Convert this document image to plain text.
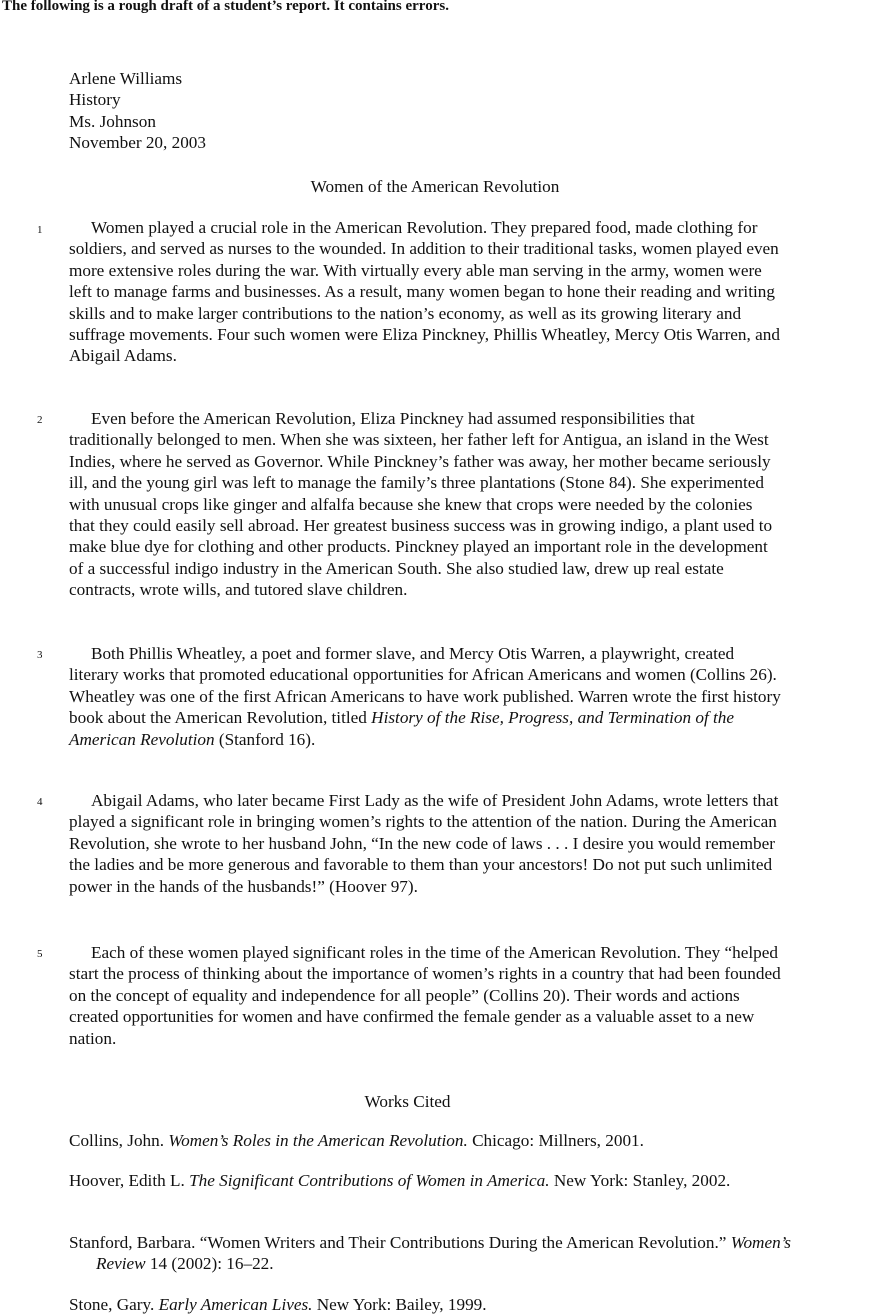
The following is a rough draft of a student’s report. It contains errors.

Arlene Williams
History
Ms. Johnson
November 20, 2003
Women of the American Revolution
1	Women played a crucial role in the American Revolution. They prepared food, made clothing for soldiers, and served as nurses to the wounded. In addition to their traditional tasks, women played even more extensive roles during the war. With virtually every able man serving in the army, women were left to manage farms and businesses. As a result, many women began to hone their reading and writing skills and to make larger contributions to the nation’s economy, as well as its growing literary and suffrage movements. Four such women were Eliza Pinckney, Phillis Wheatley, Mercy Otis Warren, and Abigail Adams.

2	Even before the American Revolution, Eliza Pinckney had assumed responsibilities that traditionally belonged to men. When she was sixteen, her father left for Antigua, an island in the West Indies, where he served as Governor. While Pinckney’s father was away, her mother became seriously ill, and the young girl was left to manage the family’s three plantations (Stone 84). She experimented with unusual crops like ginger and alfalfa because she knew that crops were needed by the colonies that they could easily sell abroad. Her greatest business success was in growing indigo, a plant used to make blue dye for clothing and other products. Pinckney played an important role in the development of a successful indigo industry in the American South. She also studied law, drew up real estate contracts, wrote wills, and tutored slave children.

3	Both Phillis Wheatley, a poet and former slave, and Mercy Otis Warren, a playwright, created literary works that promoted educational opportunities for African Americans and women (Collins 26). Wheatley was one of the first African Americans to have work published. Warren wrote the first history book about the American Revolution, titled History of the Rise, Progress, and Termination of the American Revolution (Stanford 16).

4	Abigail Adams, who later became First Lady as the wife of President John Adams, wrote letters that played a significant role in bringing women’s rights to the attention of the nation. During the American Revolution, she wrote to her husband John, “In the new code of laws . . . I desire you would remember the ladies and be more generous and favorable to them than your ancestors! Do not put such unlimited power in the hands of the husbands!” (Hoover 97).

5	Each of these women played significant roles in the time of the American Revolution. They “helped start the process of thinking about the importance of women’s rights in a country that had been founded on the concept of equality and independence for all people” (Collins 20). Their words and actions created opportunities for women and have confirmed the female gender as a valuable asset to a new nation.

Works Cited

Collins, John. Women’s Roles in the American Revolution. Chicago: Millners, 2001.

Hoover, Edith L. The Significant Contributions of Women in America. New York: Stanley, 2002.

Stanford, Barbara. “Women Writers and Their Contributions During the American Revolution.” Women’s Review 14 (2002): 16–22.

Stone, Gary. Early American Lives. New York: Bailey, 1999.
